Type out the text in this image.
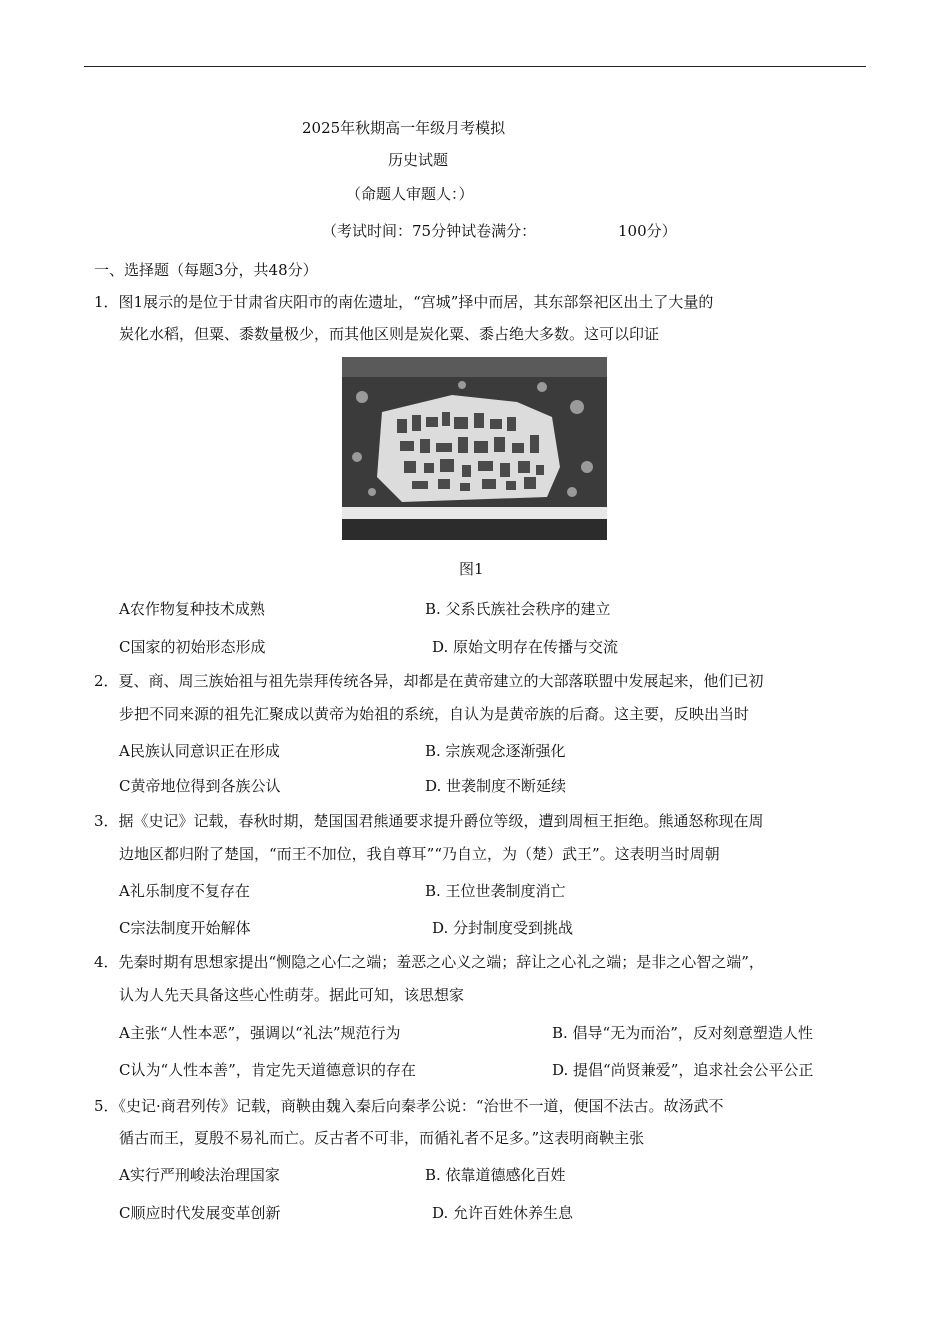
2025年秋期高一年级月考模拟
历史试题
（命题人审题人：）
（考试时间：75分钟试卷满分：	100分）
一、选择题（每题3分，共48分）
1．图1展示的是位于甘肃省庆阳市的南佐遗址，“宫城”择中而居，其东部祭祀区出土了大量的
炭化水稻，但粟、黍数量极少，而其他区则是炭化粟、黍占绝大多数。这可以印证
图1
A农作物复种技术成熟	B. 父系氏族社会秩序的建立
C国家的初始形态形成	D. 原始文明存在传播与交流
2．夏、商、周三族始祖与祖先崇拜传统各异，却都是在黄帝建立的大部落联盟中发展起来，他们已初
步把不同来源的祖先汇聚成以黄帝为始祖的系统，自认为是黄帝族的后裔。这主要，反映出当时
A民族认同意识正在形成	B. 宗族观念逐渐强化
C黄帝地位得到各族公认	D. 世袭制度不断延续
3．据《史记》记载，春秋时期，楚国国君熊通要求提升爵位等级，遭到周桓王拒绝。熊通怒称现在周
边地区都归附了楚国，“而王不加位，我自尊耳”“乃自立，为（楚）武王”。这表明当时周朝
A礼乐制度不复存在	B. 王位世袭制度消亡
C宗法制度开始解体	D. 分封制度受到挑战
4．先秦时期有思想家提出“恻隐之心仁之端；羞恶之心义之端；辞让之心礼之端；是非之心智之端”，
认为人先天具备这些心性萌芽。据此可知，该思想家
A主张“人性本恶”，强调以“礼法”规范行为	B. 倡导“无为而治”，反对刻意塑造人性
C认为“人性本善”，肯定先天道德意识的存在	D. 提倡“尚贤兼爱”，追求社会公平公正
5．《史记·商君列传》记载，商鞅由魏入秦后向秦孝公说：“治世不一道，便国不法古。故汤武不
循古而王，夏殷不易礼而亡。反古者不可非，而循礼者不足多。”这表明商鞅主张
A实行严刑峻法治理国家	B. 依靠道德感化百姓
C顺应时代发展变革创新	D. 允许百姓休养生息
